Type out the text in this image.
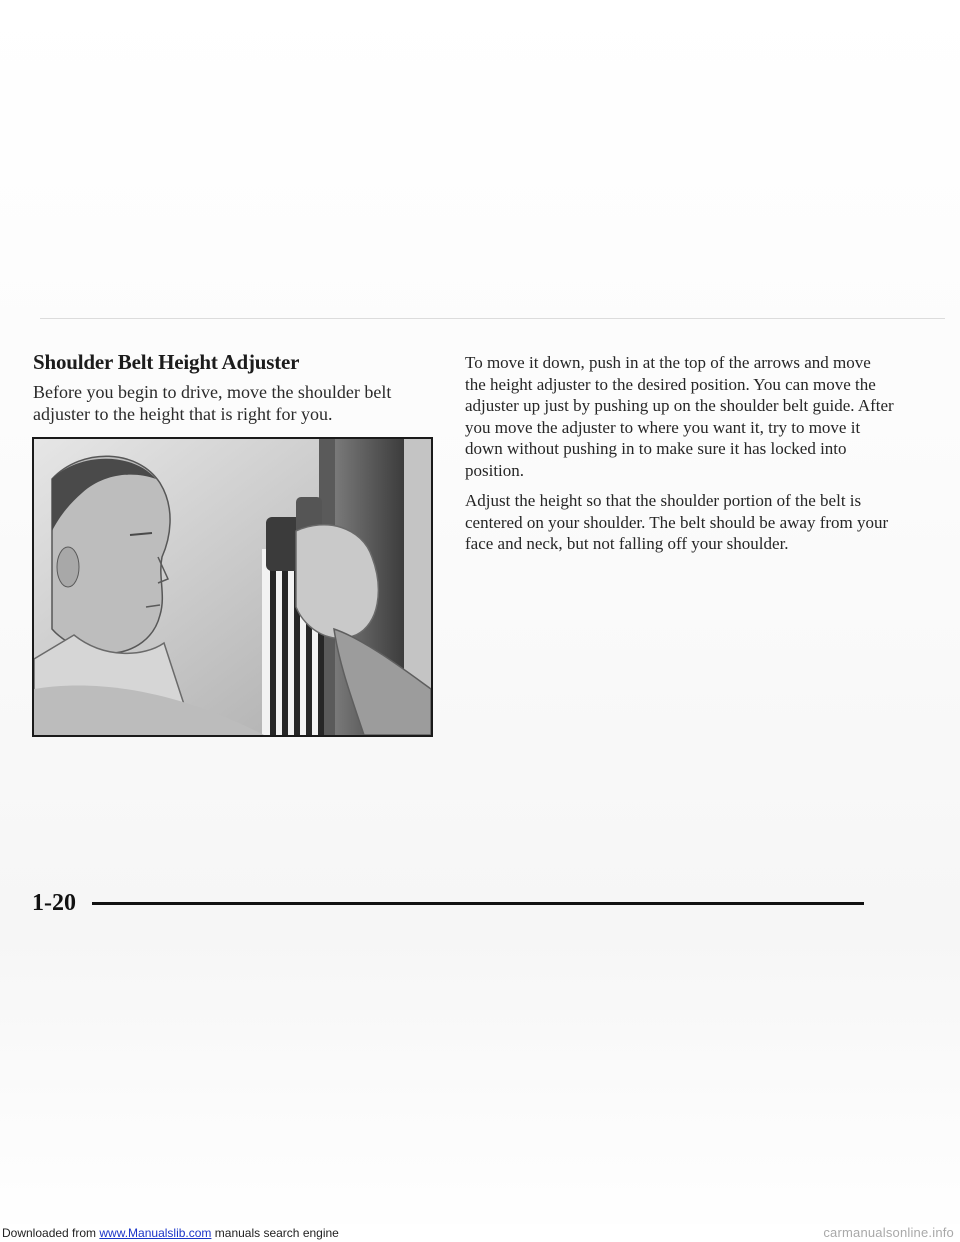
Shoulder Belt Height Adjuster

Before you begin to drive, move the shoulder belt adjuster to the height that is right for you.

To move it down, push in at the top of the arrows and move the height adjuster to the desired position. You can move the adjuster up just by pushing up on the shoulder belt guide. After you move the adjuster to where you want it, try to move it down without pushing in to make sure it has locked into position.

Adjust the height so that the shoulder portion of the belt is centered on your shoulder. The belt should be away from your face and neck, but not falling off your shoulder.

1-20
Downloaded from www.Manualslib.com manuals search engine	carmanualsonline.info
